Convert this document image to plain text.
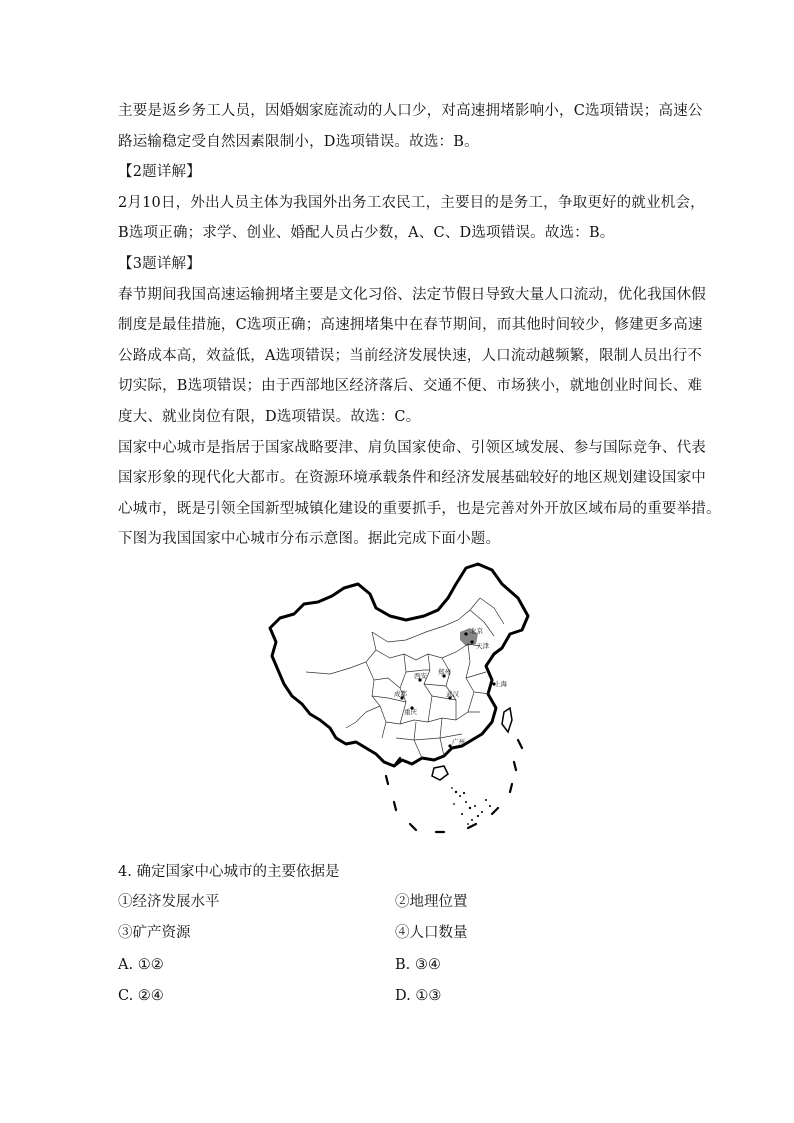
主要是返乡务工人员，因婚姻家庭流动的人口少，对高速拥堵影响小，C选项错误；高速公
路运输稳定受自然因素限制小，D选项错误。故选：B。
【2题详解】
2月10日，外出人员主体为我国外出务工农民工，主要目的是务工，争取更好的就业机会，
B选项正确；求学、创业、婚配人员占少数，A、C、D选项错误。故选：B。
【3题详解】
春节期间我国高速运输拥堵主要是文化习俗、法定节假日导致大量人口流动，优化我国休假
制度是最佳措施，C选项正确；高速拥堵集中在春节期间，而其他时间较少，修建更多高速
公路成本高，效益低，A选项错误；当前经济发展快速，人口流动越频繁，限制人员出行不
切实际，B选项错误；由于西部地区经济落后、交通不便、市场狭小，就地创业时间长、难
度大、就业岗位有限，D选项错误。故选：C。
国家中心城市是指居于国家战略要津、肩负国家使命、引领区域发展、参与国际竞争、代表
国家形象的现代化大都市。在资源环境承载条件和经济发展基础较好的地区规划建设国家中
心城市，既是引领全国新型城镇化建设的重要抓手，也是完善对外开放区域布局的重要举措。
下图为我国国家中心城市分布示意图。据此完成下面小题。

北京
天津
郑州
上海
西安
武汉
成都
重庆
广州
4. 确定国家中心城市的主要依据是
①经济发展水平	②地理位置
③矿产资源	④人口数量
A. ①②	B. ③④
C. ②④	D. ①③
